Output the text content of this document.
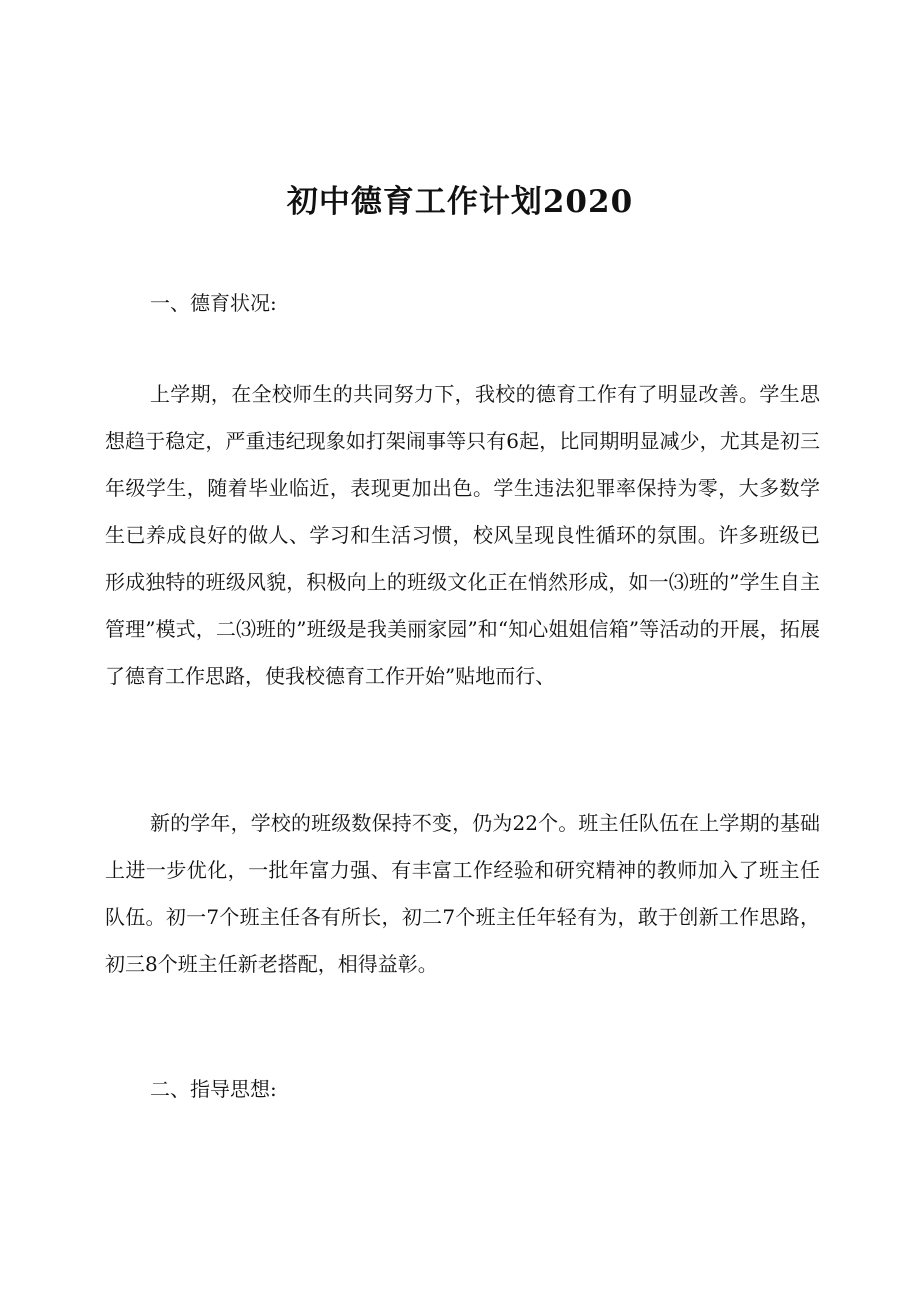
初中德育工作计划2020

一、德育状况:

上学期，在全校师生的共同努力下，我校的德育工作有了明显改善。学生思想趋于稳定，严重违纪现象如打架闹事等只有6起，比同期明显减少，尤其是初三年级学生，随着毕业临近，表现更加出色。学生违法犯罪率保持为零，大多数学生已养成良好的做人、学习和生活习惯，校风呈现良性循环的氛围。许多班级已形成独特的班级风貌，积极向上的班级文化正在悄然形成，如一⑶班的”学生自主管理”模式，二⑶班的”班级是我美丽家园”和“知心姐姐信箱”等活动的开展，拓展了德育工作思路，使我校德育工作开始”贴地而行、

新的学年，学校的班级数保持不变，仍为22个。班主任队伍在上学期的基础上进一步优化，一批年富力强、有丰富工作经验和研究精神的教师加入了班主任队伍。初一7个班主任各有所长，初二7个班主任年轻有为，敢于创新工作思路，初三8个班主任新老搭配，相得益彰。

二、指导思想:
